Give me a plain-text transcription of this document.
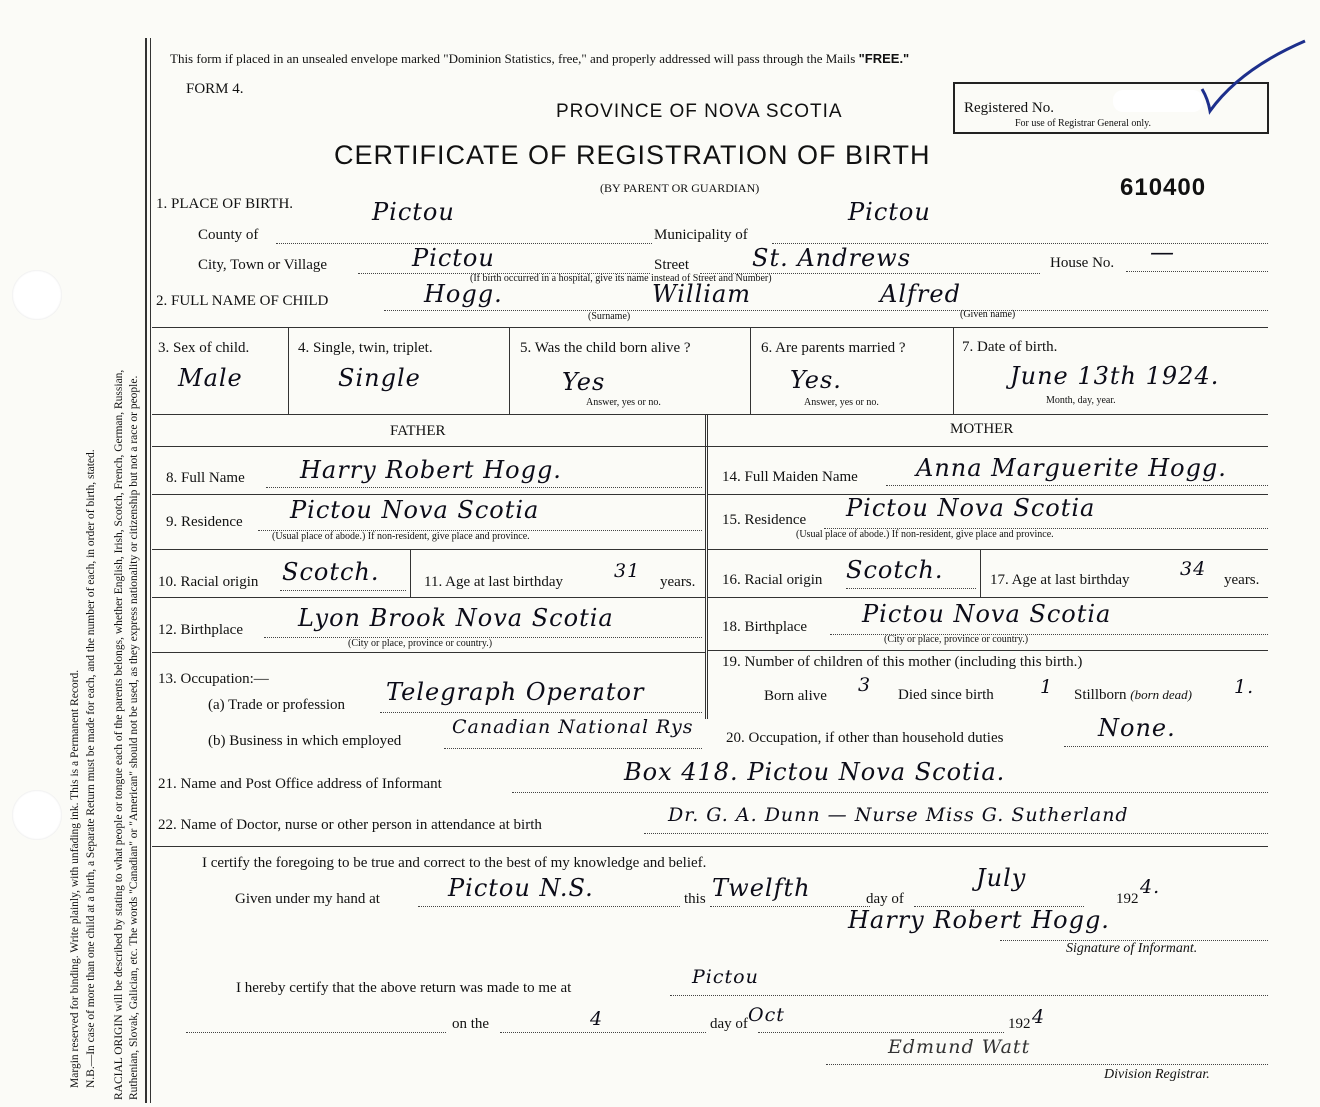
Margin reserved for binding. Write plainly, with unfading ink. This is a Permanent Record. N.B.—In case of more than one child at a birth, a Separate Return must be made for each, and the number of each, in order of birth, stated. RACIAL ORIGIN will be described by stating to what people or tongue each of the parents belongs, whether English, Irish, Scotch, French, German, Russian, Ruthenian, Slovak, Galician, etc. The words "Canadian" or "American" should not be used, as they express nationality or citizenship but not a race or people.
This form if placed in an unsealed envelope marked "Dominion Statistics, free," and properly addressed will pass through the Mails "FREE."
FORM 4.
PROVINCE OF NOVA SCOTIA	Registered No.
For use of Registrar General only.
CERTIFICATE OF REGISTRATION OF BIRTH
(BY PARENT OR GUARDIAN)	610400
1. PLACE OF BIRTH.
County of
Pictou
Municipality of
Pictou
City, Town or Village	Pictou	Street	St. Andrews	House No. —
(If birth occurred in a hospital, give its name instead of Street and Number)
2. FULL NAME OF CHILD	Hogg.	William	Alfred
(Surname)	(Given name)
3. Sex of child.
Male
4. Single, twin, triplet.
Single
5. Was the child born alive ?
Yes
Answer, yes or no.
6. Are parents married ?
Yes.
Answer, yes or no.
7. Date of birth.
June 13th 1924.
Month, day, year.
FATHER	MOTHER
8. Full Name Harry Robert Hogg.
9. Residence Pictou Nova Scotia
(Usual place of abode.) If non-resident, give place and province.
10. Racial origin Scotch.	11. Age at last birthday	31 years.
12. Birthplace Lyon Brook Nova Scotia
(City or place, province or country.)
13. Occupation:—
(a) Trade or profession Telegraph Operator
(b) Business in which employed
Canadian National Rys
14. Full Maiden Name Anna Marguerite Hogg.
15. Residence Pictou Nova Scotia
(Usual place of abode.) If non-resident, give place and province.
16. Racial origin Scotch.	17. Age at last birthday	34 years.
18. Birthplace Pictou Nova Scotia
(City or place, province or country.)
19. Number of children of this mother (including this birth.)
Born alive 3 Died since birth 1 Stillborn (born dead) 1.
20. Occupation, if other than household duties	None.
21. Name and Post Office address of Informant	Box 418. Pictou Nova Scotia.
22. Name of Doctor, nurse or other person in attendance at birth	Dr. G. A. Dunn — Nurse Miss G. Sutherland
I certify the foregoing to be true and correct to the best of my knowledge and belief.
Given under my hand at	Pictou N.S.	this Twelfth	day of
July
192
4.
Harry Robert Hogg.
Signature of Informant.
I hereby certify that the above return was made to me at	Pictou
on the	4	day of Oct	192 4
Edmund Watt
Division Registrar.
